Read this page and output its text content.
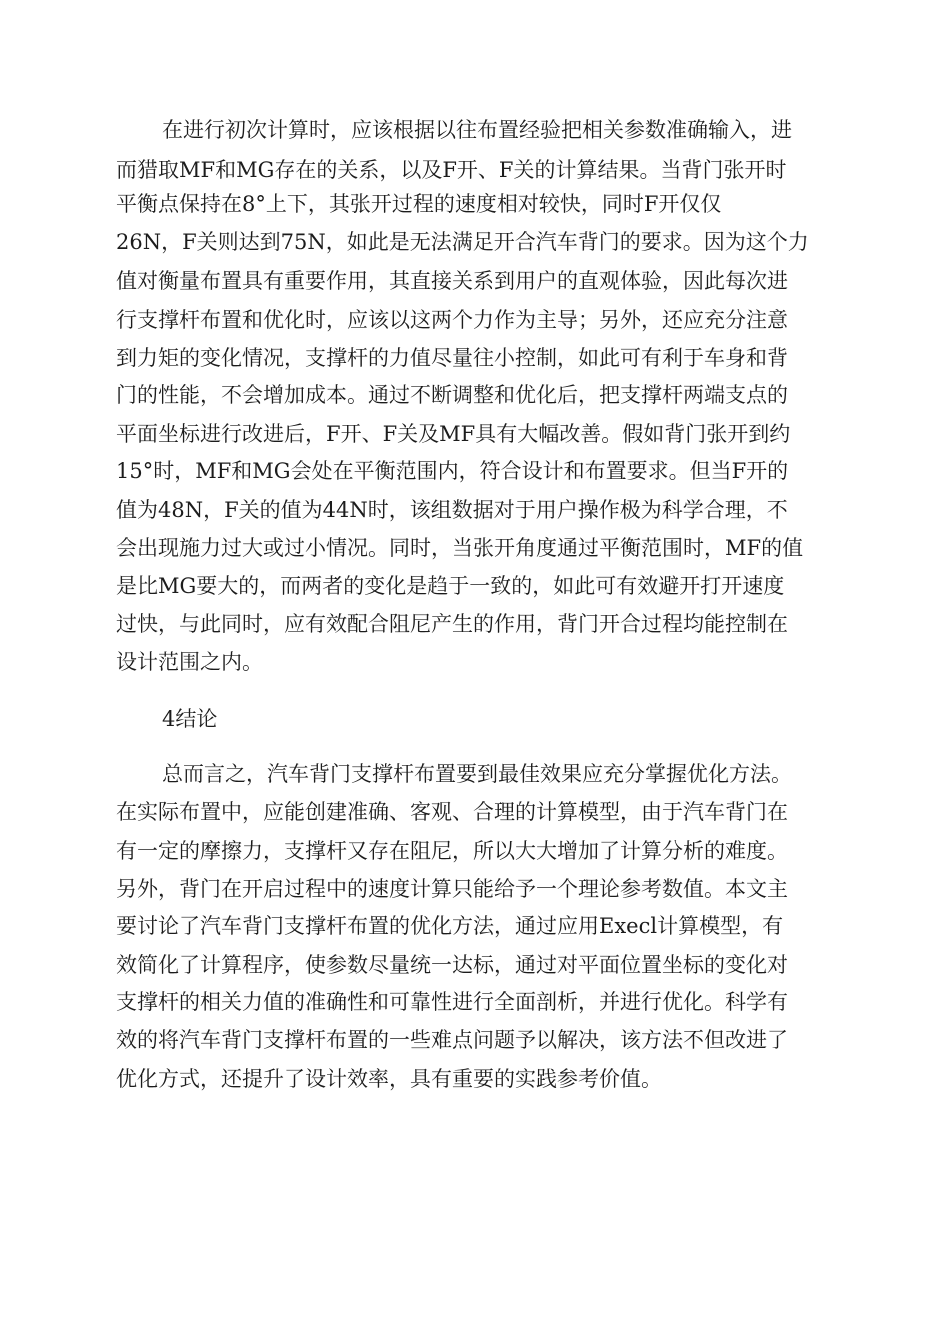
在进行初次计算时，应该根据以往布置经验把相关参数准确输入，进

而猎取MF和MG存在的关系，以及F开、F关的计算结果。当背门张开时

平衡点保持在8°上下，其张开过程的速度相对较快，同时F开仅仅

26N，F关则达到75N，如此是无法满足开合汽车背门的要求。因为这个力

值对衡量布置具有重要作用，其直接关系到用户的直观体验，因此每次进

行支撑杆布置和优化时，应该以这两个力作为主导；另外，还应充分注意

到力矩的变化情况，支撑杆的力值尽量往小控制，如此可有利于车身和背

门的性能，不会增加成本。通过不断调整和优化后，把支撑杆两端支点的

平面坐标进行改进后，F开、F关及MF具有大幅改善。假如背门张开到约

15°时，MF和MG会处在平衡范围内，符合设计和布置要求。但当F开的

值为48N，F关的值为44N时，该组数据对于用户操作极为科学合理，不

会出现施力过大或过小情况。同时，当张开角度通过平衡范围时，MF的值

是比MG要大的，而两者的变化是趋于一致的，如此可有效避开打开速度

过快，与此同时，应有效配合阻尼产生的作用，背门开合过程均能控制在

设计范围之内。

4结论

总而言之，汽车背门支撑杆布置要到最佳效果应充分掌握优化方法。

在实际布置中，应能创建准确、客观、合理的计算模型，由于汽车背门在

有一定的摩擦力，支撑杆又存在阻尼，所以大大增加了计算分析的难度。

另外，背门在开启过程中的速度计算只能给予一个理论参考数值。本文主

要讨论了汽车背门支撑杆布置的优化方法，通过应用Execl计算模型，有

效简化了计算程序，使参数尽量统一达标，通过对平面位置坐标的变化对

支撑杆的相关力值的准确性和可靠性进行全面剖析，并进行优化。科学有

效的将汽车背门支撑杆布置的一些难点问题予以解决，该方法不但改进了

优化方式，还提升了设计效率，具有重要的实践参考价值。
